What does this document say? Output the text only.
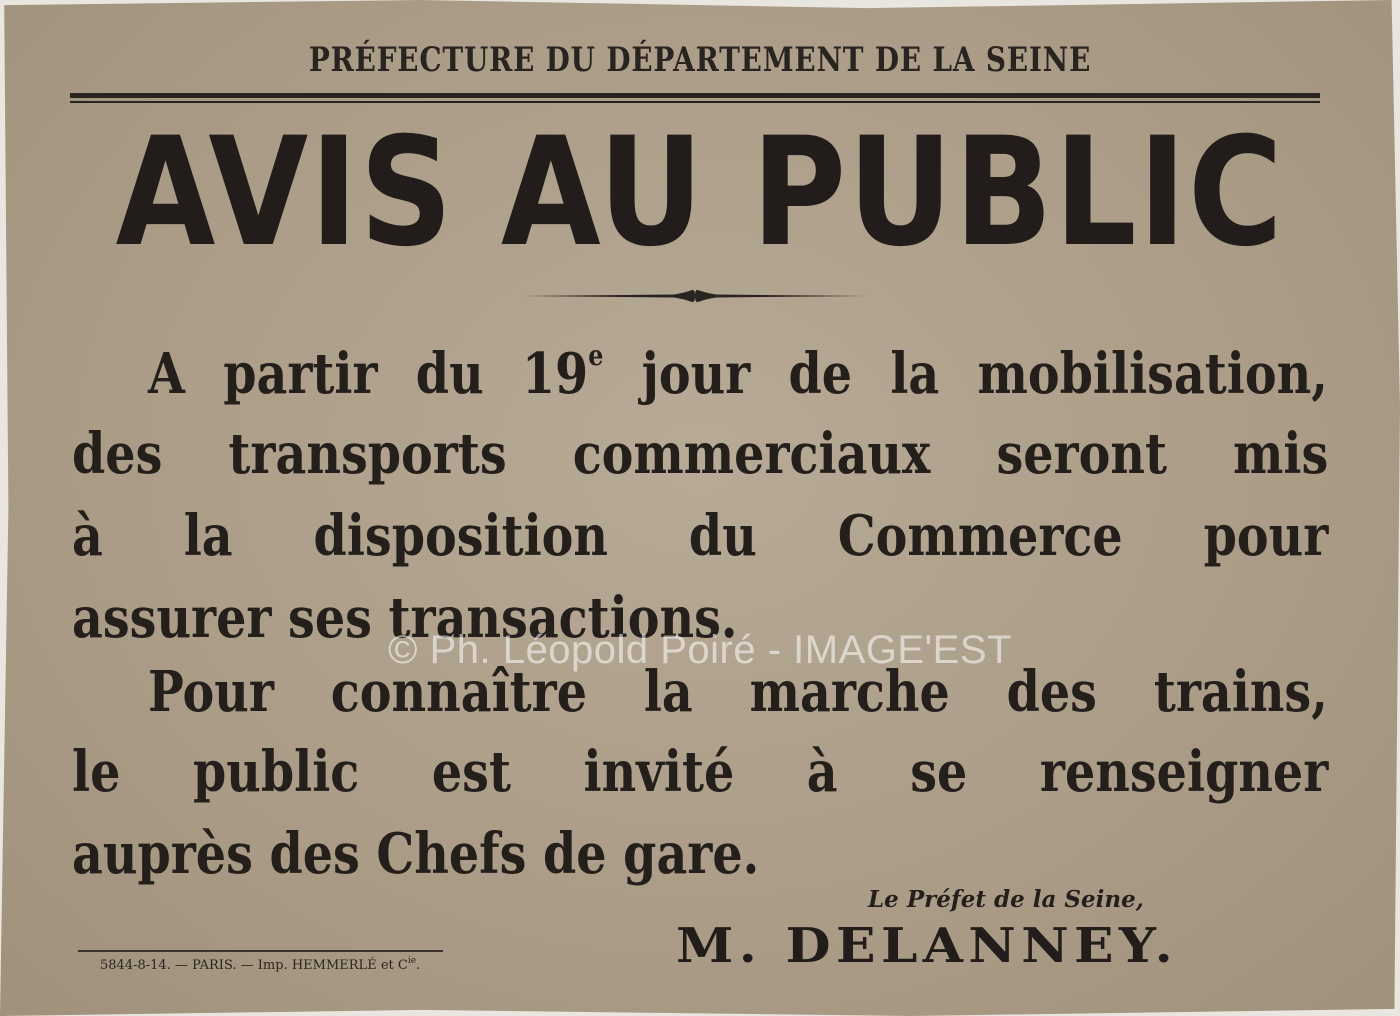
PRÉFECTURE DU DÉPARTEMENT DE LA SEINE
AVIS AU PUBLIC
A partir du 19e jour de la mobilisation,
des transports commerciaux seront mis
à la disposition du Commerce pour
assurer ses transactions.
Pour connaître la marche des trains,
le public est invité à se renseigner
auprès des Chefs de gare.
© Ph. Léopold Poiré - IMAGE'EST
Le Préfet de la Seine,
M. DELANNEY.
5844-8-14. — PARIS. — Imp. HEMMERLÉ et $C^{ie}$.
